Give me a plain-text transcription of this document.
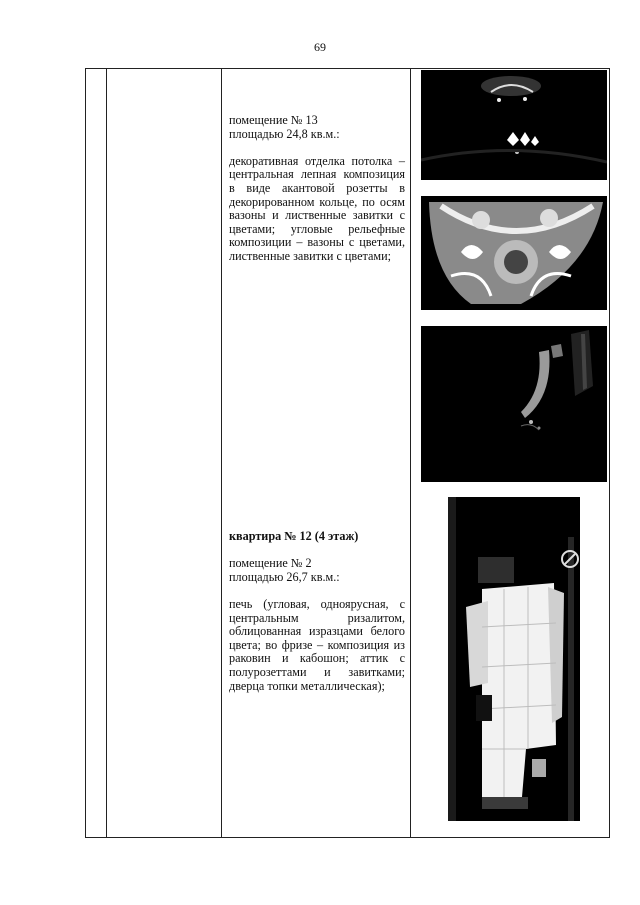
69

помещение № 13

площадью 24,8 кв.м.:

декоративная отделка потолка – центральная лепная композиция в виде акантовой розетты в декорированном кольце, по осям вазоны и лиственные завитки с цветами; угловые рельефные композиции – вазоны с цветами, лиственные завитки с цветами;

квартира № 12 (4 этаж)

помещение № 2

площадью 26,7 кв.м.:

печь (угловая, одноярусная, с центральным ризалитом, облицованная изразцами белого цвета; во фризе – композиция из раковин и кабошон; аттик с полурозеттами и завитками; дверца топки металлическая);
